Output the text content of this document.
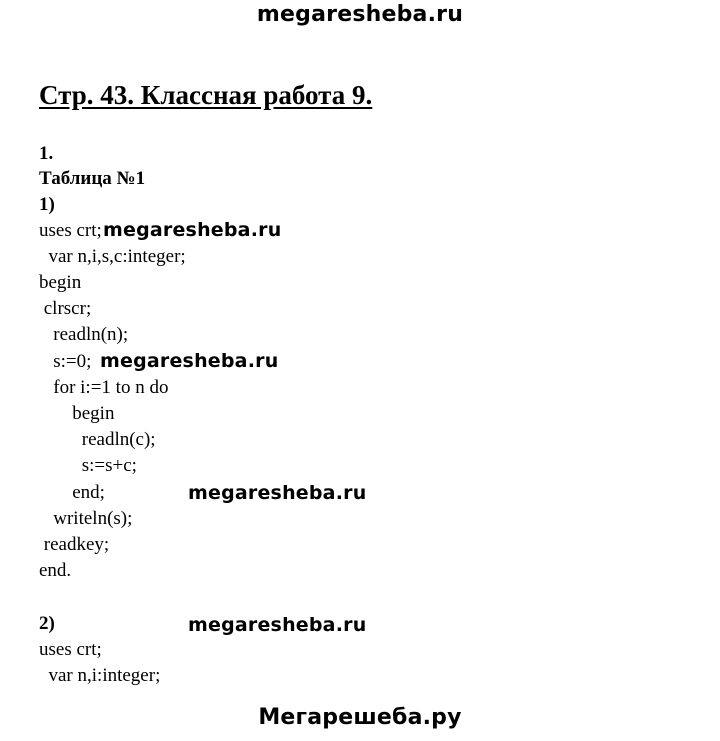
megaresheba.ru
Стр. 43. Классная работа 9.
1.
Таблица №1
1)
uses crt;
var n,i,s,c:integer;
begin
clrscr;
readln(n);
s:=0;
for i:=1 to n do
begin
readln(c);
s:=s+c;
end;
writeln(s);
readkey;
end.
2)
uses crt;
var n,i:integer;
megaresheba.ru
megaresheba.ru
megaresheba.ru
megaresheba.ru
Мегарешеба.ру
